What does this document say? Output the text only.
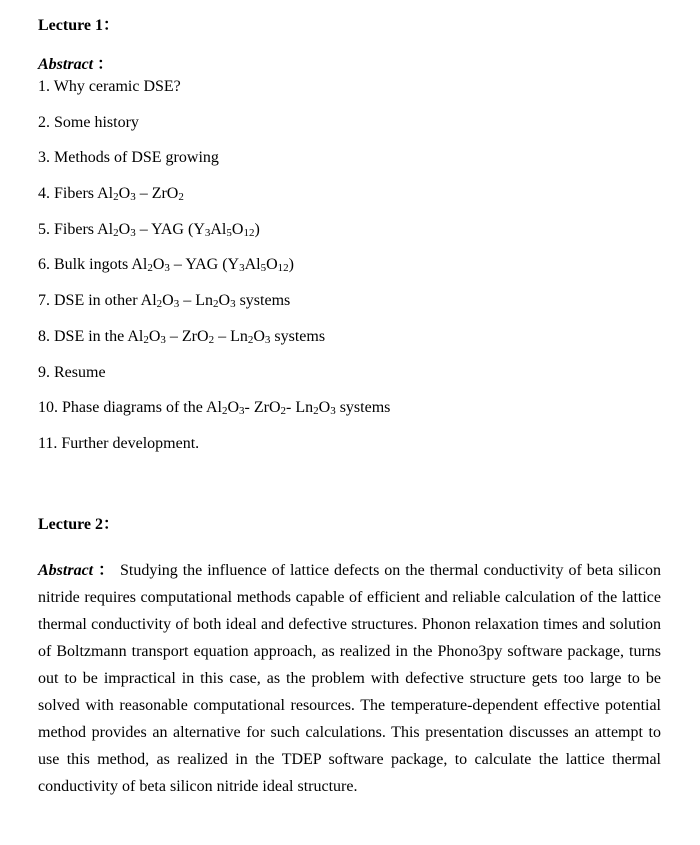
Lecture 1：
Abstract ：
1. Why ceramic DSE?
2. Some history
3. Methods of DSE growing
4. Fibers $Al_2O_3 - ZrO_2$
5. Fibers $Al_2O_3$ – YAG $(Y_3Al_5O_{12})$
6. Bulk ingots $Al_2O_3$ – YAG $(Y_3Al_5O_{12})$
7. DSE in other $Al_2O_3 - Ln_2O_3$ systems
8. DSE in the $Al_2O_3 - ZrO_2 - Ln_2O_3$ systems
9. Resume
10. Phase diagrams of the $Al_2O_3-$ ZrO$_2$- $Ln_2O_3$ systems
11. Further development.
Lecture 2：
Abstract ： Studying the influence of lattice defects on the thermal conductivity of beta silicon nitride requires computational methods capable of efficient and reliable calculation of the lattice thermal conductivity of both ideal and defective structures. Phonon relaxation times and solution of Boltzmann transport equation approach, as realized in the Phono3py software package, turns out to be impractical in this case, as the problem with defective structure gets too large to be solved with reasonable computational resources. The temperature-dependent effective potential method provides an alternative for such calculations. This presentation discusses an attempt to use this method, as realized in the TDEP software package, to calculate the lattice thermal conductivity of beta silicon nitride ideal structure.
